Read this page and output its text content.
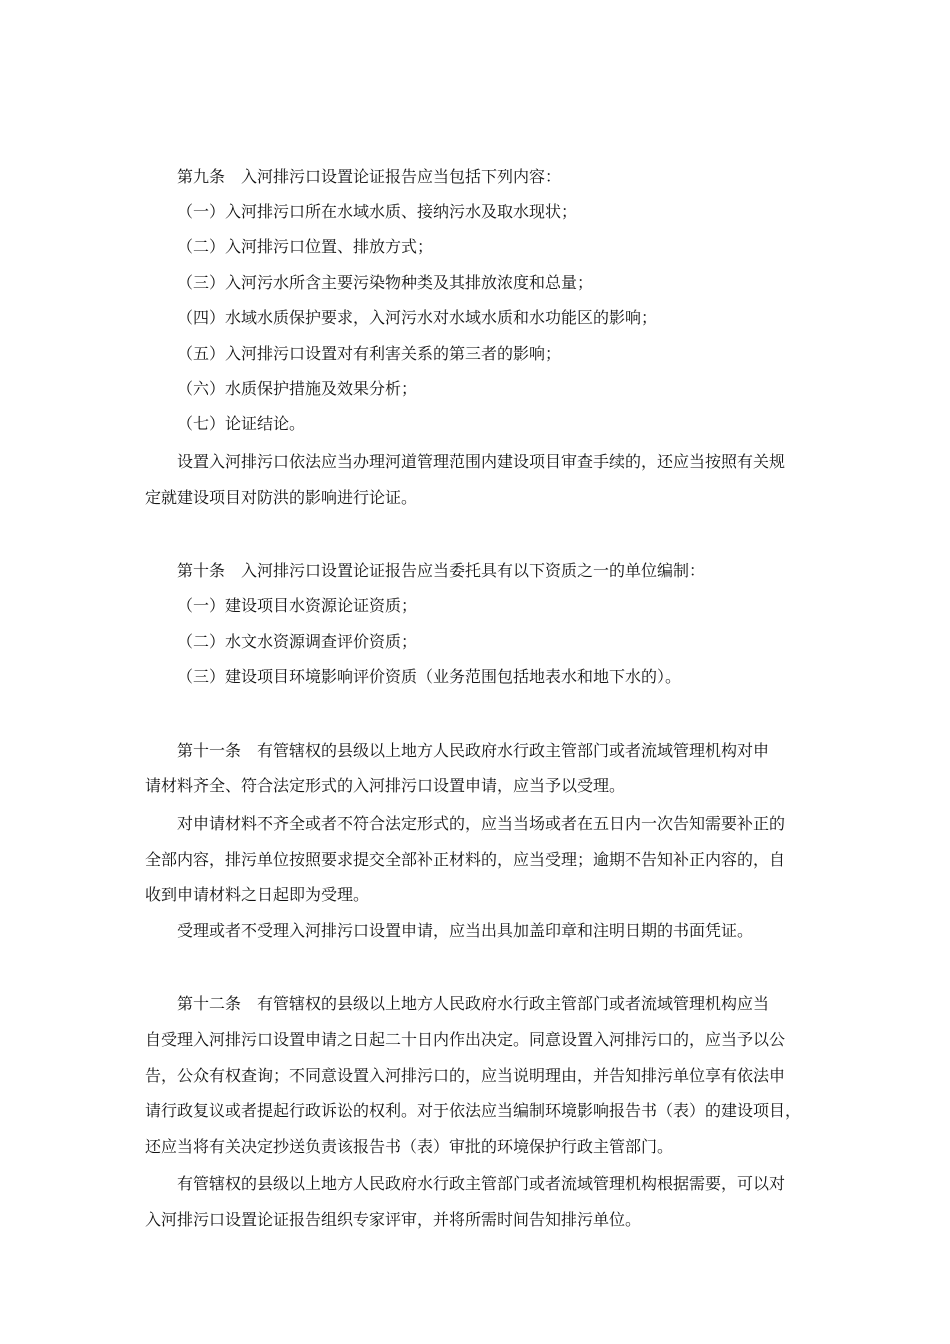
第九条　入河排污口设置论证报告应当包括下列内容：
（一）入河排污口所在水域水质、接纳污水及取水现状；
（二）入河排污口位置、排放方式；
（三）入河污水所含主要污染物种类及其排放浓度和总量；
（四）水域水质保护要求，入河污水对水域水质和水功能区的影响；
（五）入河排污口设置对有利害关系的第三者的影响；
（六）水质保护措施及效果分析；
（七）论证结论。
设置入河排污口依法应当办理河道管理范围内建设项目审查手续的，还应当按照有关规
定就建设项目对防洪的影响进行论证。
第十条　入河排污口设置论证报告应当委托具有以下资质之一的单位编制：
（一）建设项目水资源论证资质；
（二）水文水资源调查评价资质；
（三）建设项目环境影响评价资质（业务范围包括地表水和地下水的）。
第十一条　有管辖权的县级以上地方人民政府水行政主管部门或者流域管理机构对申
请材料齐全、符合法定形式的入河排污口设置申请，应当予以受理。
对申请材料不齐全或者不符合法定形式的，应当当场或者在五日内一次告知需要补正的
全部内容，排污单位按照要求提交全部补正材料的，应当受理；逾期不告知补正内容的，自
收到申请材料之日起即为受理。
受理或者不受理入河排污口设置申请，应当出具加盖印章和注明日期的书面凭证。
第十二条　有管辖权的县级以上地方人民政府水行政主管部门或者流域管理机构应当
自受理入河排污口设置申请之日起二十日内作出决定。同意设置入河排污口的，应当予以公
告，公众有权查询；不同意设置入河排污口的，应当说明理由，并告知排污单位享有依法申
请行政复议或者提起行政诉讼的权利。对于依法应当编制环境影响报告书（表）的建设项目，
还应当将有关决定抄送负责该报告书（表）审批的环境保护行政主管部门。
有管辖权的县级以上地方人民政府水行政主管部门或者流域管理机构根据需要，可以对
入河排污口设置论证报告组织专家评审，并将所需时间告知排污单位。
